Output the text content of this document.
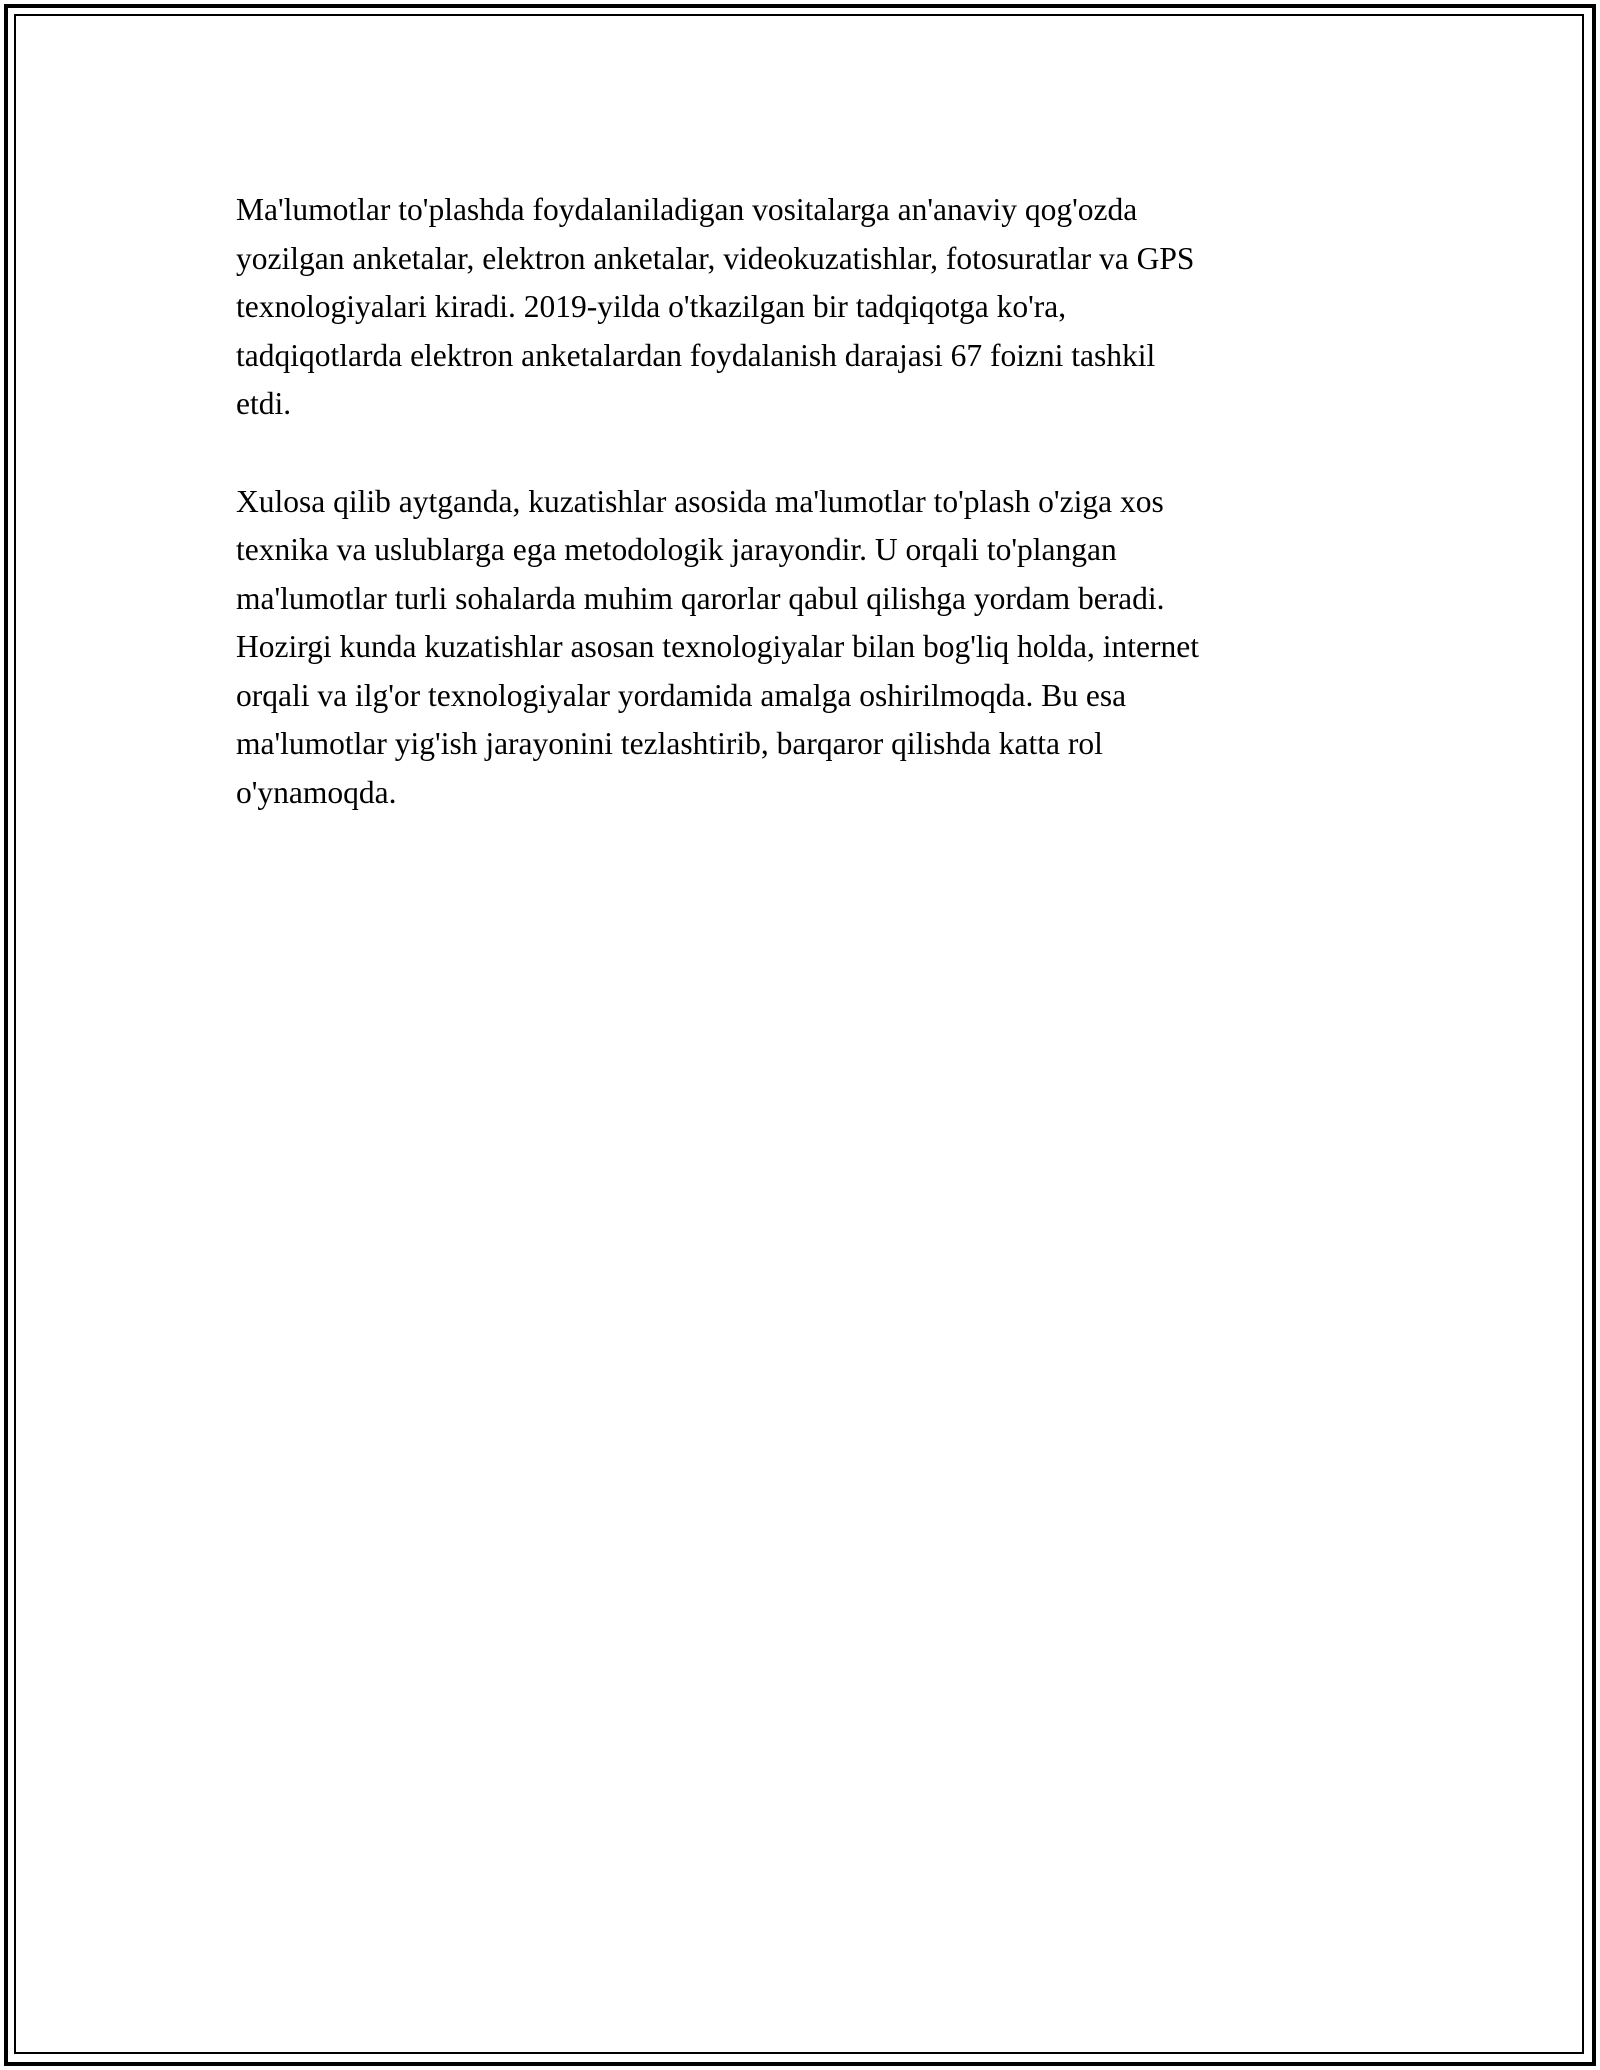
Ma'lumotlar to'plashda foydalaniladigan vositalarga an'anaviy qog'ozda
yozilgan anketalar, elektron anketalar, videokuzatishlar, fotosuratlar va GPS
texnologiyalari kiradi. 2019-yilda o'tkazilgan bir tadqiqotga ko'ra,
tadqiqotlarda elektron anketalardan foydalanish darajasi 67 foizni tashkil
etdi.

Xulosa qilib aytganda, kuzatishlar asosida ma'lumotlar to'plash o'ziga xos
texnika va uslublarga ega metodologik jarayondir. U orqali to'plangan
ma'lumotlar turli sohalarda muhim qarorlar qabul qilishga yordam beradi.
Hozirgi kunda kuzatishlar asosan texnologiyalar bilan bog'liq holda, internet
orqali va ilg'or texnologiyalar yordamida amalga oshirilmoqda. Bu esa
ma'lumotlar yig'ish jarayonini tezlashtirib, barqaror qilishda katta rol
o'ynamoqda.
